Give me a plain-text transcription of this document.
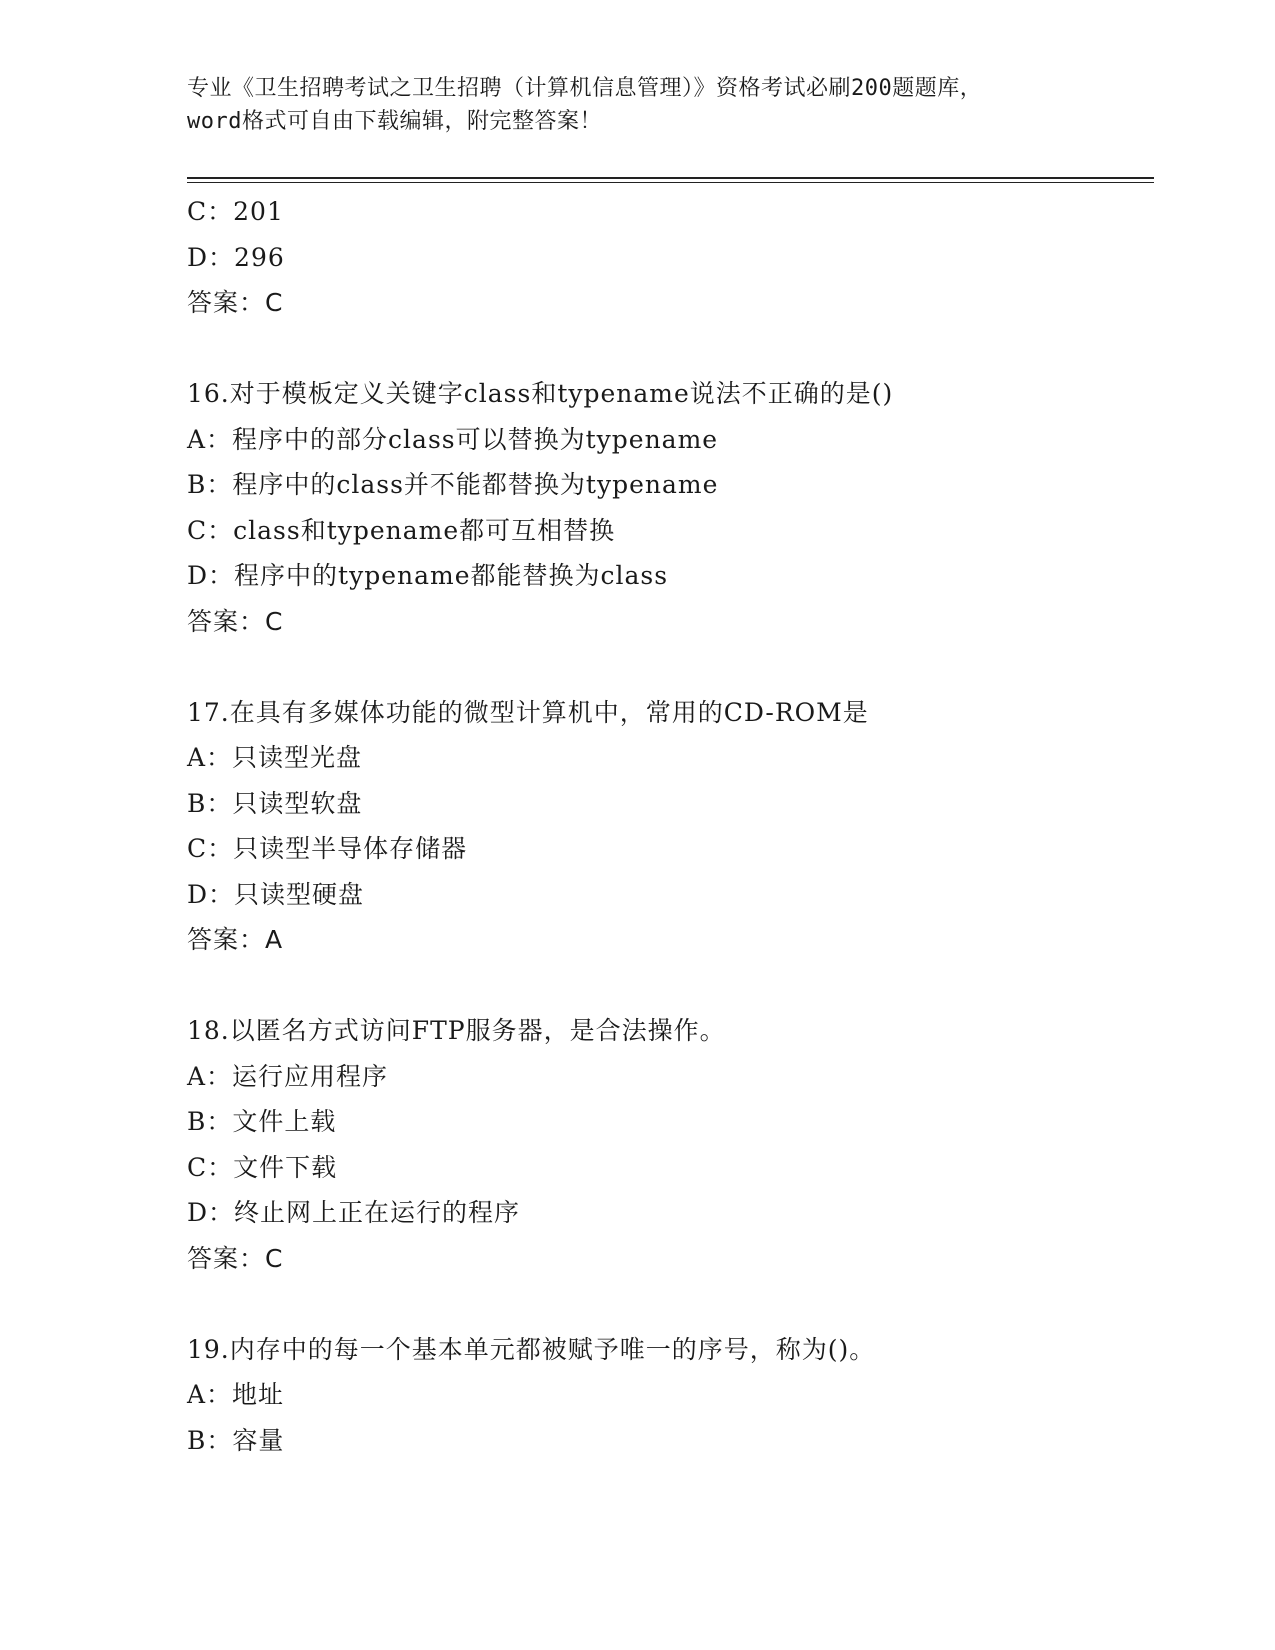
专业《卫生招聘考试之卫生招聘（计算机信息管理）》资格考试必刷200题题库，
word格式可自由下载编辑，附完整答案！
C：201
D：296
答案：C
16.对于模板定义关键字class和typename说法不正确的是()
A：程序中的部分class可以替换为typename
B：程序中的class并不能都替换为typename
C：class和typename都可互相替换
D：程序中的typename都能替换为class
答案：C
17.在具有多媒体功能的微型计算机中，常用的CD-ROM是
A：只读型光盘
B：只读型软盘
C：只读型半导体存储器
D：只读型硬盘
答案：A
18.以匿名方式访问FTP服务器，是合法操作。
A：运行应用程序
B：文件上载
C：文件下载
D：终止网上正在运行的程序
答案：C
19.内存中的每一个基本单元都被赋予唯一的序号，称为()。
A：地址
B：容量
